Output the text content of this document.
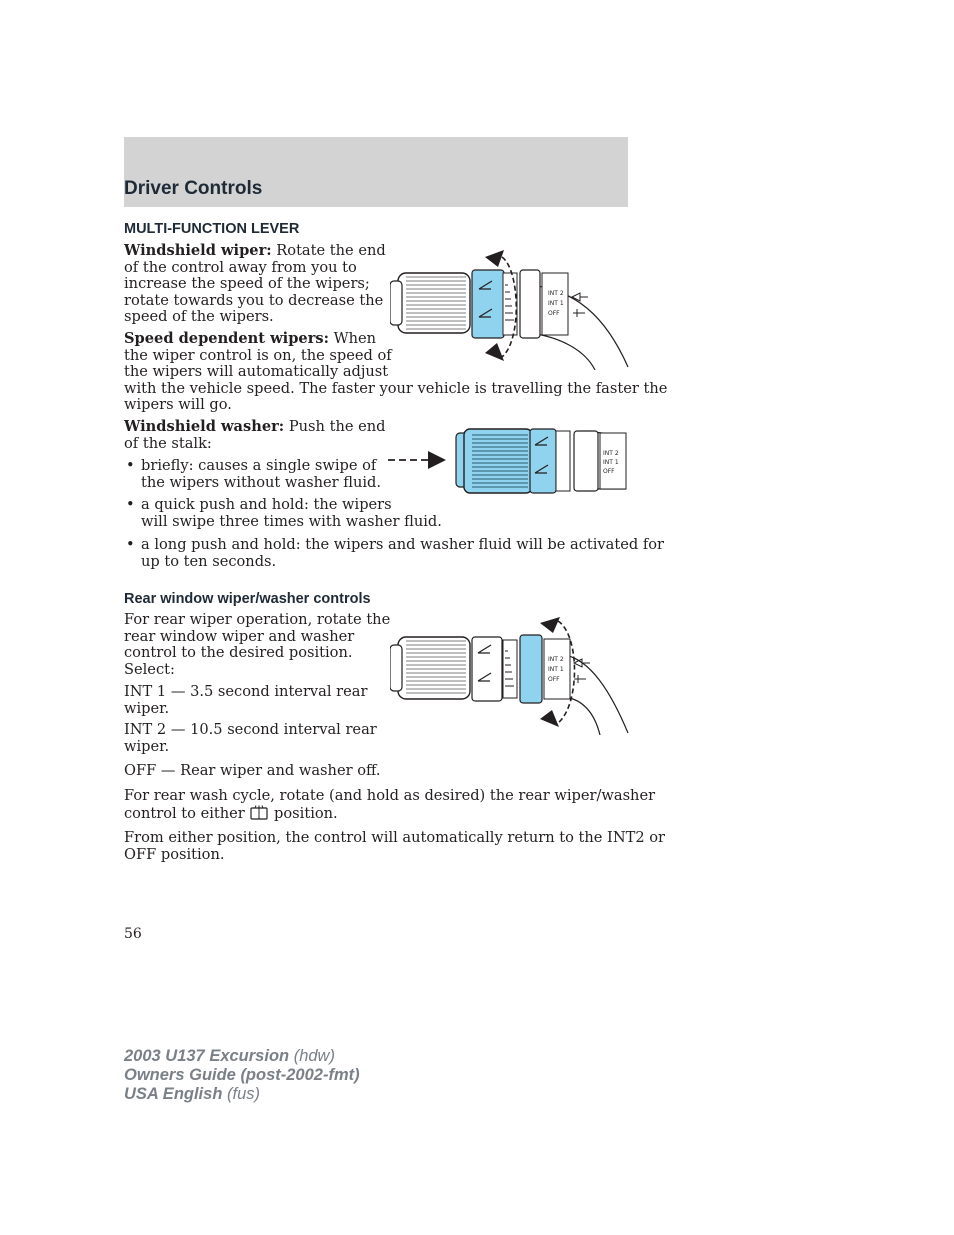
Driver Controls
MULTI-FUNCTION LEVER
Windshield wiper: Rotate the end
of the control away from you to
increase the speed of the wipers;
rotate towards you to decrease the
speed of the wipers.
Speed dependent wipers: When
the wiper control is on, the speed of
the wipers will automatically adjust
with the vehicle speed. The faster your vehicle is travelling the faster the
wipers will go.
Windshield washer: Push the end
of the stalk:
• briefly: causes a single swipe of
the wipers without washer fluid.
• a quick push and hold: the wipers
will swipe three times with washer fluid.
• a long push and hold: the wipers and washer fluid will be activated for
up to ten seconds.
Rear window wiper/washer controls
For rear wiper operation, rotate the
rear window wiper and washer
control to the desired position.
Select:
INT 1 — 3.5 second interval rear
wiper.
INT 2 — 10.5 second interval rear
wiper.
OFF — Rear wiper and washer off.
For rear wash cycle, rotate (and hold as desired) the rear wiper/washer
control to either position.
From either position, the control will automatically return to the INT2 or
OFF position.
INT 2
INT 1
OFF
INT 2
INT 1
OFF
INT 2
INT 1
OFF
56
2003 U137 Excursion (hdw)
Owners Guide (post-2002-fmt)
USA English (fus)
